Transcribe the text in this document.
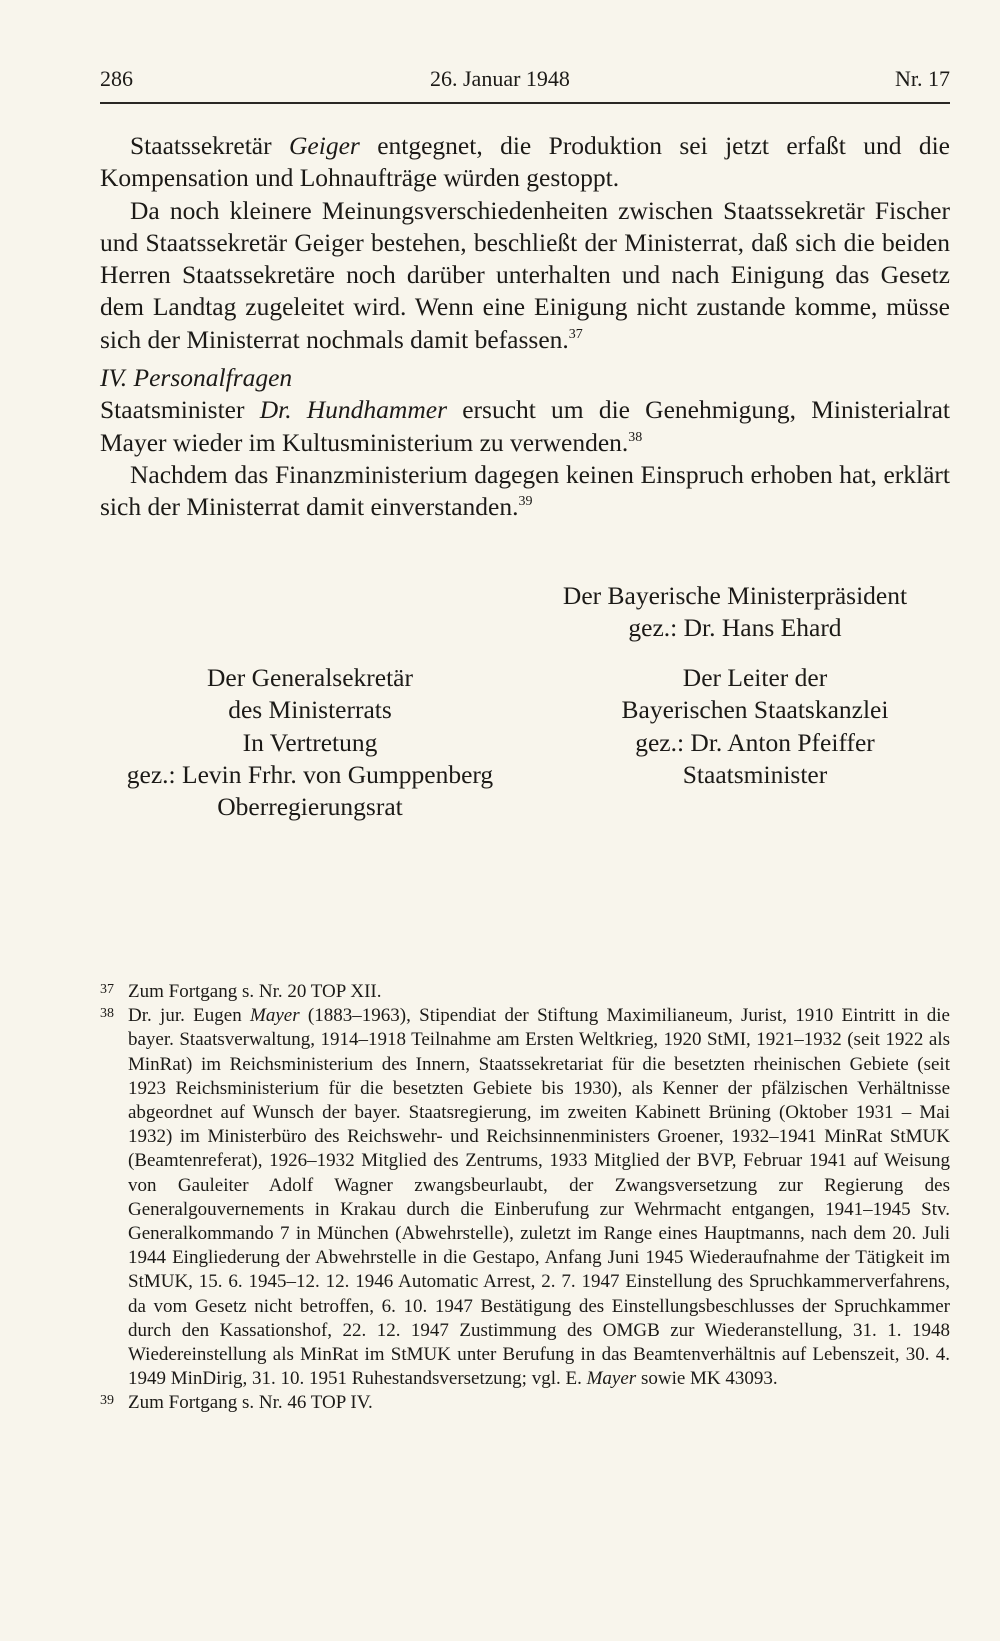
286	26. Januar 1948	Nr. 17

Staatssekretär Geiger entgegnet, die Produktion sei jetzt erfaßt und die Kompensation und Lohnaufträge würden gestoppt.

Da noch kleinere Meinungsverschiedenheiten zwischen Staatssekretär Fischer und Staatssekretär Geiger bestehen, beschließt der Ministerrat, daß sich die beiden Herren Staatssekretäre noch darüber unterhalten und nach Einigung das Gesetz dem Landtag zugeleitet wird. Wenn eine Einigung nicht zustande komme, müsse sich der Ministerrat nochmals damit befassen.$^{37}$

IV. Personalfragen

Staatsminister Dr. Hundhammer ersucht um die Genehmigung, Ministerialrat Mayer wieder im Kultusministerium zu verwenden.$^{38}$

Nachdem das Finanzministerium dagegen keinen Einspruch erhoben hat, erklärt sich der Ministerrat damit einverstanden.$^{39}$

Der Bayerische Ministerpräsident
gez.: Dr. Hans Ehard
Der Generalsekretär
des Ministerrats
In Vertretung
gez.: Levin Frhr. von Gumppenberg
Oberregierungsrat
Der Leiter der
Bayerischen Staatskanzlei
gez.: Dr. Anton Pfeiffer
Staatsminister
37 Zum Fortgang s. Nr. 20 TOP XII.
38 Dr. jur. Eugen Mayer (1883–1963), Stipendiat der Stiftung Maximilianeum, Jurist, 1910 Eintritt in die bayer. Staatsverwaltung, 1914–1918 Teilnahme am Ersten Weltkrieg, 1920 StMI, 1921–1932 (seit 1922 als MinRat) im Reichsministerium des Innern, Staatssekretariat für die besetzten rheinischen Gebiete (seit 1923 Reichsministerium für die besetzten Gebiete bis 1930), als Kenner der pfälzischen Verhältnisse abgeordnet auf Wunsch der bayer. Staatsregierung, im zweiten Kabinett Brüning (Oktober 1931 – Mai 1932) im Ministerbüro des Reichswehr- und Reichsinnenministers Groener, 1932–1941 MinRat StMUK (Beamtenreferat), 1926–1932 Mitglied des Zentrums, 1933 Mitglied der BVP, Februar 1941 auf Weisung von Gauleiter Adolf Wagner zwangsbeurlaubt, der Zwangsversetzung zur Regierung des Generalgouvernements in Krakau durch die Einberufung zur Wehrmacht entgangen, 1941–1945 Stv. Generalkommando 7 in München (Abwehrstelle), zuletzt im Range eines Hauptmanns, nach dem 20. Juli 1944 Eingliederung der Abwehrstelle in die Gestapo, Anfang Juni 1945 Wiederaufnahme der Tätigkeit im StMUK, 15. 6. 1945–12. 12. 1946 Automatic Arrest, 2. 7. 1947 Einstellung des Spruchkammerverfahrens, da vom Gesetz nicht betroffen, 6. 10. 1947 Bestätigung des Einstellungsbeschlusses der Spruchkammer durch den Kassationshof, 22. 12. 1947 Zustimmung des OMGB zur Wiederanstellung, 31. 1. 1948 Wiedereinstellung als MinRat im StMUK unter Berufung in das Beamtenverhältnis auf Lebenszeit, 30. 4. 1949 MinDirig, 31. 10. 1951 Ruhestandsversetzung; vgl. E. Mayer sowie MK 43093.
39 Zum Fortgang s. Nr. 46 TOP IV.
